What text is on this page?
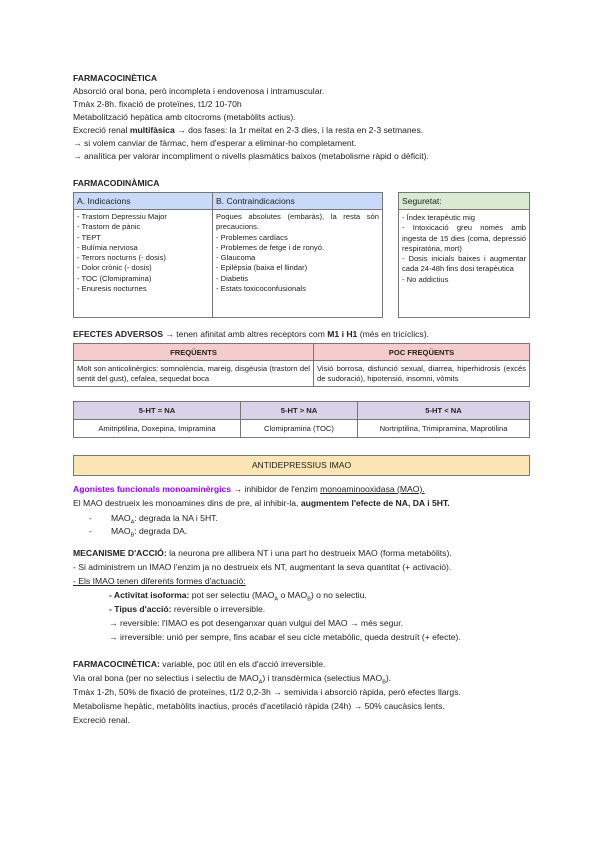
FARMACOCINÈTICA
Absorció oral bona, però incompleta i endovenosa i intramuscular.
Tmàx 2-8h. fixació de proteïnes, t1/2 10-70h
Metabolització hepàtica amb citocroms (metabòlits actius).
Excreció renal multifàsica → dos fases: la 1r meitat en 2-3 dies, i la resta en 2-3 setmanes.
→ si volem canviar de fàrmac, hem d'esperar a eliminar-ho completament.
→ analítica per valorar incompliment o nivells plasmàtics baixos (metabolisme ràpid o dèficit).
FARMACODINÀMICA
A. Indicacions
- Trastorn Depressiu Major
- Trastorn de pànic
- TEPT
- Bulímia nerviosa
- Terrors nocturns (- dosis)
- Dolor crònic (- dosis)
- TOC (Clomipramina)
- Enuresis nocturnes
B. Contraindicacions
Poques absolutes (embaràs), la resta són precaucions.
- Problemes cardíacs
- Problemes de fetge i de ronyó.
- Glaucoma
- Epilèpsia (baixa el llindar)
- Diabetis
- Estats toxicoconfusionals
Seguretat:
- Índex terapèutic mig
- Intoxicació greu només amb ingesta de 15 dies (coma, depressió respiratòria, mort)
- Dosis inicials baixes i augmentar cada 24-48h fins dosi terapèutica
- No addictius
EFECTES ADVERSOS → tenen afinitat amb altres receptors com M1 i H1 (més en tricíclics).
FREQÜENTS	POC FREQÜENTS
Molt son anticolinèrgics: somnolència, mareig, disgèusia (trastorn del sentit del gust), cefalea, sequedat boca	Visió borrosa, disfunció sexual, diarrea, hiperhidrosis (excés de sudoració), hipotensió, insomni, vòmits
5-HT = NA	5-HT > NA	5-HT < NA
Amitriptilina, Doxepina, Imipramina	Clomipramina (TOC)	Nortriptilina, Trimipramina, Maprotilina
ANTIDEPRESSIUS IMAO
Agonistes funcionals monoaminèrgics → inhibidor de l'enzim monoaminooxidasa (MAO).
El MAO destrueix les monoamines dins de pre, al inhibir-la, augmentem l'efecte de NA, DA i 5HT.
- $MAO_A$: degrada la NA i 5HT.
- $MAO_B$: degrada DA.
MECANISME D'ACCIÓ: la neurona pre allibera NT i una part ho destrueix MAO (forma metabòlits).
- Si administrem un IMAO l'enzim ja no destrueix els NT, augmentant la seva quantitat (+ activació).
- Els IMAO tenen diferents formes d'actuació:
- Activitat isoforma: pot ser selectiu ($MAO_A$ o $MAO_B$) o no selectiu.
- Tipus d'acció: reversible o irreversible.
→ reversible: l'IMAO es pot desenganxar quan vulgui del MAO → més segur.
→ irreversible: unió per sempre, fins acabar el seu cicle metabòlic, queda destruït (+ efecte).
FARMACOCINÈTICA: variable, poc útil en els d'acció irreversible.
Via oral bona (per no selectius i selectiu de $MAO_A$) i transdèrmica (selectius $MAO_B$).
Tmàx 1-2h, 50% de fixació de proteïnes, t1/2 0,2-3h → semivida i absorció ràpida, però efectes llargs.
Metabolisme hepàtic, metabòlits inactius, procés d'acetilació ràpida (24h) → 50% caucàsics lents.
Excreció renal.
